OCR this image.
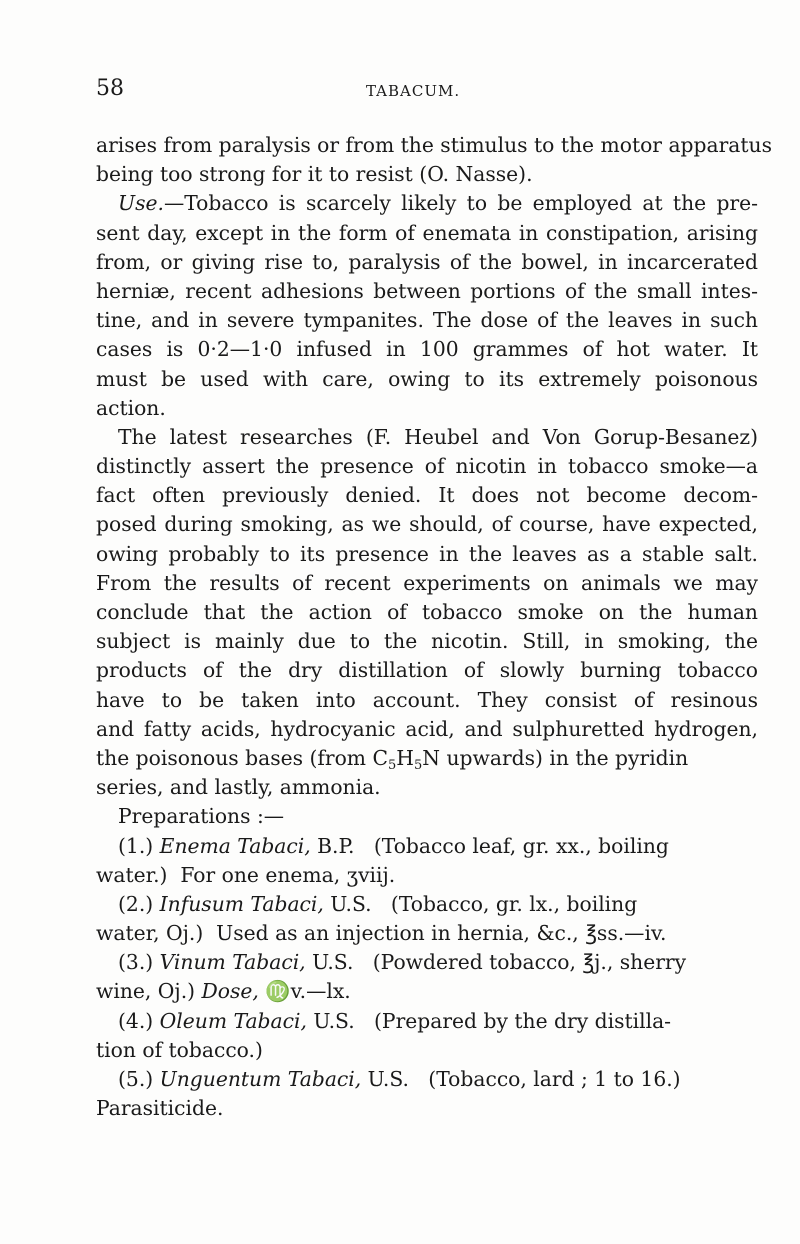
58	TABACUM.
arises from paralysis or from the stimulus to the motor apparatus
being too strong for it to resist (O. Nasse).
Use.—Tobacco is scarcely likely to be employed at the pre-
sent day, except in the form of enemata in constipation, arising
from, or giving rise to, paralysis of the bowel, in incarcerated
herniæ, recent adhesions between portions of the small intes-
tine, and in severe tympanites. The dose of the leaves in such
cases is 0·2—1·0 infused in 100 grammes of hot water. It
must be used with care, owing to its extremely poisonous
action.
The latest researches (F. Heubel and Von Gorup-Besanez)
distinctly assert the presence of nicotin in tobacco smoke—a
fact often previously denied. It does not become decom-
posed during smoking, as we should, of course, have expected,
owing probably to its presence in the leaves as a stable salt.
From the results of recent experiments on animals we may
conclude that the action of tobacco smoke on the human
subject is mainly due to the nicotin. Still, in smoking, the
products of the dry distillation of slowly burning tobacco
have to be taken into account. They consist of resinous
and fatty acids, hydrocyanic acid, and sulphuretted hydrogen,
the poisonous bases (from $C_5H_5N$ upwards) in the pyridin
series, and lastly, ammonia.
Preparations :—
(1.) Enema Tabaci, B.P.   (Tobacco leaf, gr. xx., boiling
water.)  For one enema, ʒviij.
(2.) Infusum Tabaci, U.S.   (Tobacco, gr. lx., boiling
water, Oj.)  Used as an injection in hernia, &c., ℥ss.—iv.
(3.) Vinum Tabaci, U.S.   (Powdered tobacco, ℥j., sherry
wine, Oj.) Dose, ♍v.—lx.
(4.) Oleum Tabaci, U.S.   (Prepared by the dry distilla-
tion of tobacco.)
(5.) Unguentum Tabaci, U.S.   (Tobacco, lard ; 1 to 16.)
Parasiticide.
